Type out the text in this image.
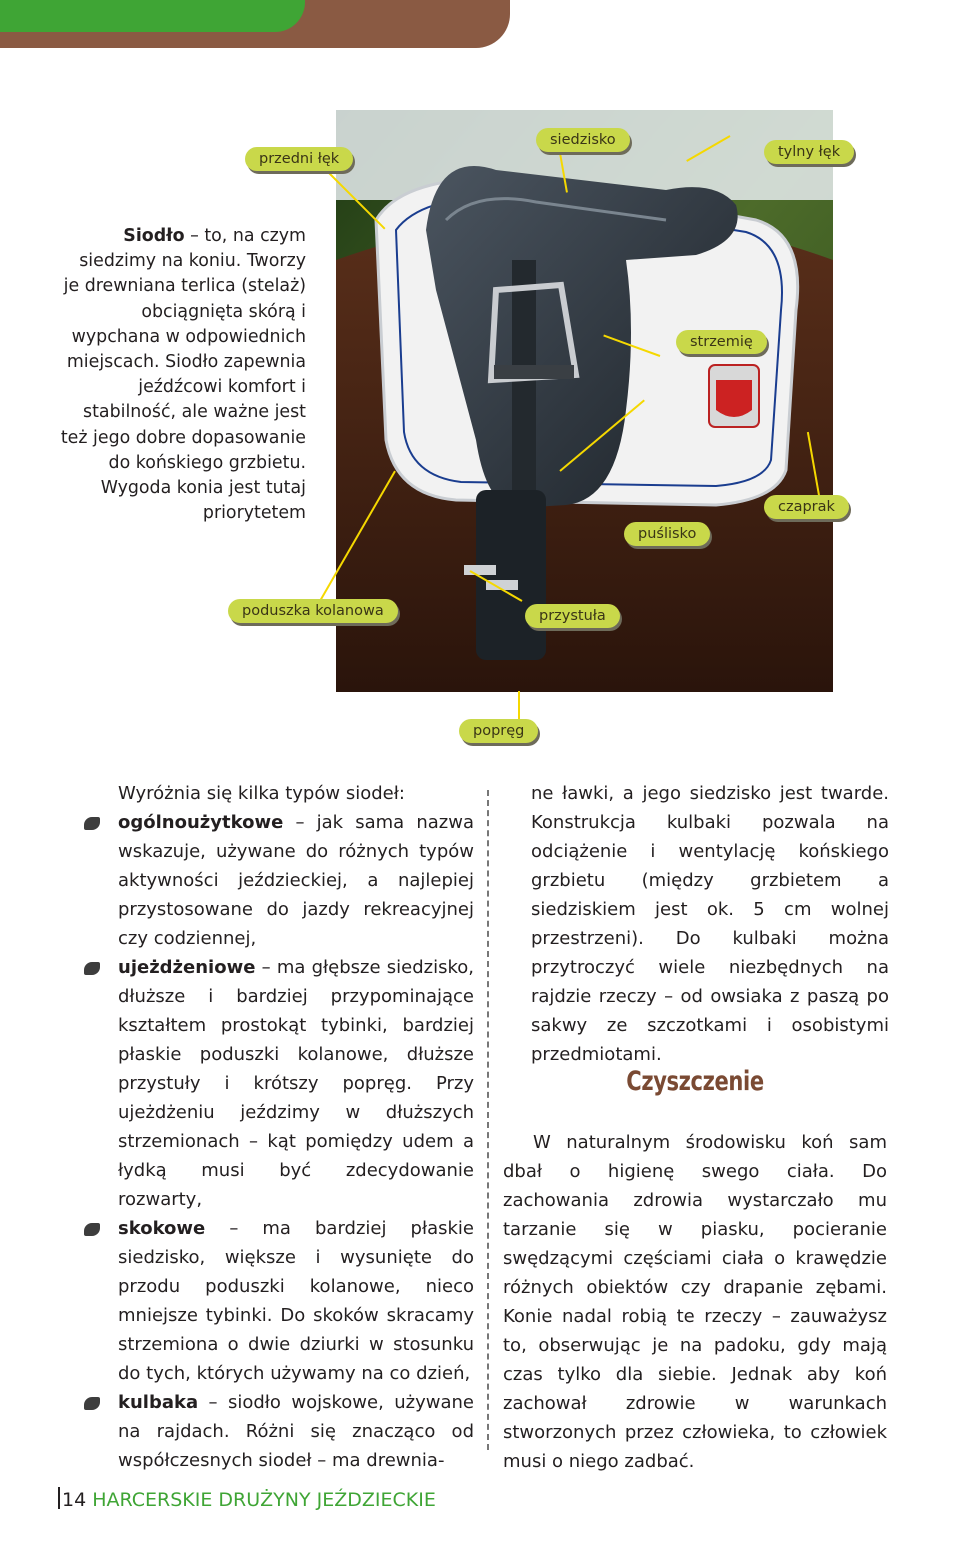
Siodło – to, na czym siedzimy na koniu. Tworzy je drewniana terlica (stelaż) obciągnięta skórą i wypchana w odpowiednich miejscach. Siodło zapewnia jeźdźcowi komfort i stabilność, ale ważne jest też jego dobre dopasowanie do końskiego grzbietu. Wygoda konia jest tutaj priorytetem
przedni łęk
siedzisko
tylny łęk
strzemię
puślisko
czaprak
poduszka kolanowa	przystuła
popręg

Wyróżnia się kilka typów siodeł:

ogólnoużytkowe – jak sama nazwa wskazuje, używane do różnych typów aktywności jeździeckiej, a najlepiej przystosowane do jazdy rekreacyjnej czy codziennej,

ujeżdżeniowe – ma głębsze siedzisko, dłuższe i bardziej przypominające kształtem prostokąt tybinki, bardziej płaskie poduszki kolanowe, dłuższe przystuły i krótszy popręg. Przy ujeżdżeniu jeździmy w dłuższych strzemionach – kąt pomiędzy udem a łydką musi być zdecydowanie rozwarty,

skokowe – ma bardziej płaskie siedzisko, większe i wysunięte do przodu poduszki kolanowe, nieco mniejsze tybinki. Do skoków skracamy strzemiona o dwie dziurki w stosunku do tych, których używamy na co dzień,

kulbaka – siodło wojskowe, używane na rajdach. Różni się znacząco od współczesnych siodeł – ma drewnia-

ne ławki, a jego siedzisko jest twarde. Konstrukcja kulbaki pozwala na odciążenie i wentylację końskiego grzbietu (między grzbietem a siedziskiem jest ok. 5 cm wolnej przestrzeni). Do kulbaki można przytroczyć wiele niezbędnych na rajdzie rzeczy – od owsiaka z paszą po sakwy ze szczotkami i osobistymi przedmiotami.

Czyszczenie

W naturalnym środowisku koń sam dbał o higienę swego ciała. Do zachowania zdrowia wystarczało mu tarzanie się w piasku, pocieranie swędzącymi częściami ciała o krawędzie różnych obiektów czy drapanie zębami. Konie nadal robią te rzeczy – zauważysz to, obserwując je na padoku, gdy mają czas tylko dla siebie. Jednak aby koń zachował zdrowie w warunkach stworzonych przez człowieka, to człowiek musi o niego zadbać.

14 HARCERSKIE DRUŻYNY JEŹDZIECKIE
